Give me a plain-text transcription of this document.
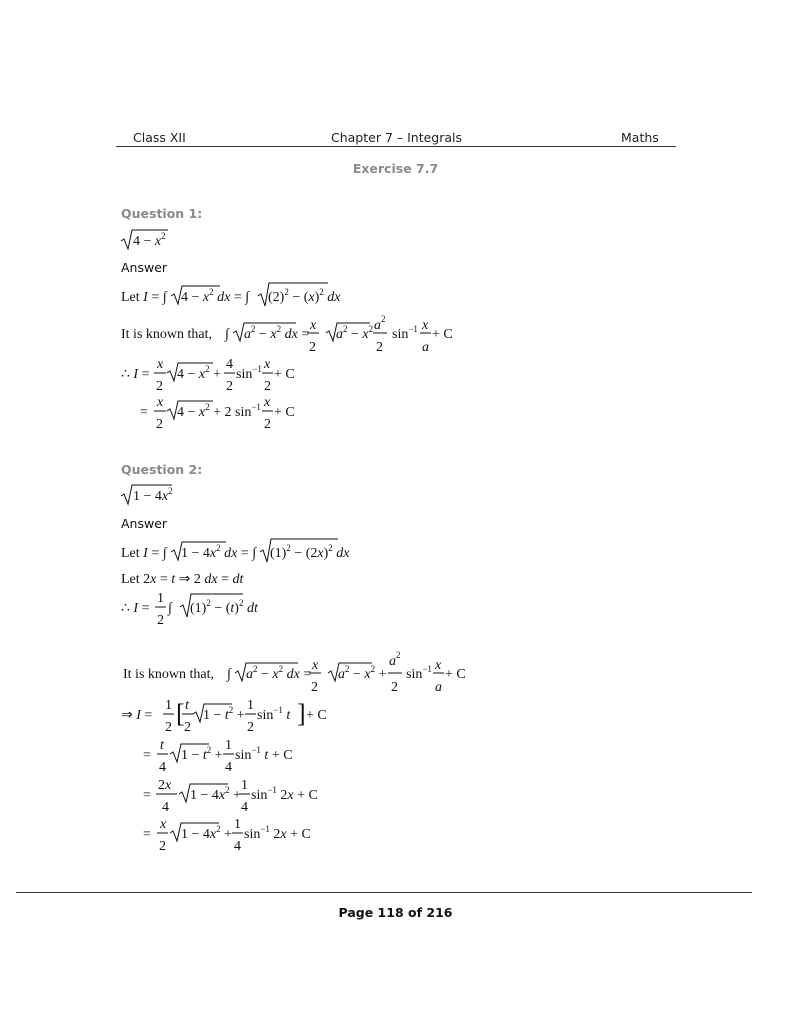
Class XII	Chapter 7 – Integrals	Maths
Exercise 7.7
Question 1:
Answer
Question 2:
Answer
$4 - x^2$
Let I = ∫ $4 - x^2$ dx = ∫ $(2)^2 - (x)^2$ dx
It is known that, ∫ $a^2 - x^2$ dx =
x
2
$a^2 - x^2$ a 2
2
$\sin^{-1} x$
a
+ C
∴ I =
x
2
$4 - x^2$ +
4
2
$\sin^{-1} x$
2
+ C
=
x
2
$4 - x^2 + 2$ $\sin^{-1} x$
2
+ C
$1 - 4x^2$
Let I = ∫ $1 - 4x^2$ dx = ∫ $(1)^2 - (2x)^2$ dx
Let 2x = t ⇒ 2 dx = dt
∴ I =
1
2
∫ $(1)^2 - (t)^2$ dt
It is known that, ∫ $a^2 - x^2$ dx =
x
2
$a^2 - x^2$ +
a 2
2
$\sin^{-1} x$
a
+ C
⇒ I =
1
2 [ t
2
$1 - t^2$ +
1
2
$\sin^{-1} t$ ] + C
=
t
4
$1 - t^2$ +
1
4
$\sin^{-1} t + C$
=
2x
4
$1 - 4x^2$ +
1
4
$\sin^{-1} 2x + C$
=
x
2
$1 - 4x^2$ +
1
4
$\sin^{-1} 2x + C$
Page 118 of 216
